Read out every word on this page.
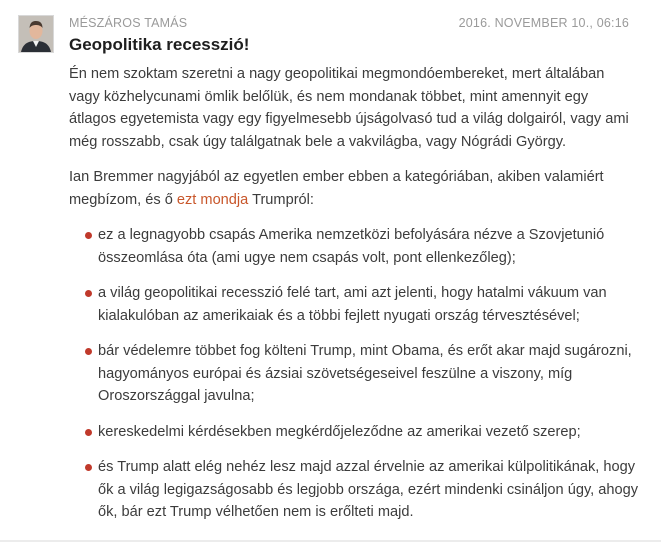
MÉSZÁROS TAMÁS	2016. NOVEMBER 10., 06:16
Geopolitika recesszió!

Én nem szoktam szeretni a nagy geopolitikai megmondóembereket, mert általában vagy közhelycunami ömlik belőlük, és nem mondanak többet, mint amennyit egy átlagos egyetemista vagy egy figyelmesebb újságolvasó tud a világ dolgairól, vagy ami még rosszabb, csak úgy találgatnak bele a vakvilágba, vagy Nógrádi György.

Ian Bremmer nagyjából az egyetlen ember ebben a kategóriában, akiben valamiért megbízom, és ő ezt mondja Trumpról:

ez a legnagyobb csapás Amerika nemzetközi befolyására nézve a Szovjetunió összeomlása óta (ami ugye nem csapás volt, pont ellenkezőleg);
a világ geopolitikai recesszió felé tart, ami azt jelenti, hogy hatalmi vákuum van kialakulóban az amerikaiak és a többi fejlett nyugati ország térvesztésével;
bár védelemre többet fog költeni Trump, mint Obama, és erőt akar majd sugározni, hagyományos európai és ázsiai szövetségeseivel feszülne a viszony, míg Oroszországgal javulna;
kereskedelmi kérdésekben megkérdőjeleződne az amerikai vezető szerep;
és Trump alatt elég nehéz lesz majd azzal érvelnie az amerikai külpolitikának, hogy ők a világ legigazságosabb és legjobb országa, ezért mindenki csináljon úgy, ahogy ők, bár ezt Trump vélhetően nem is erőlteti majd.
